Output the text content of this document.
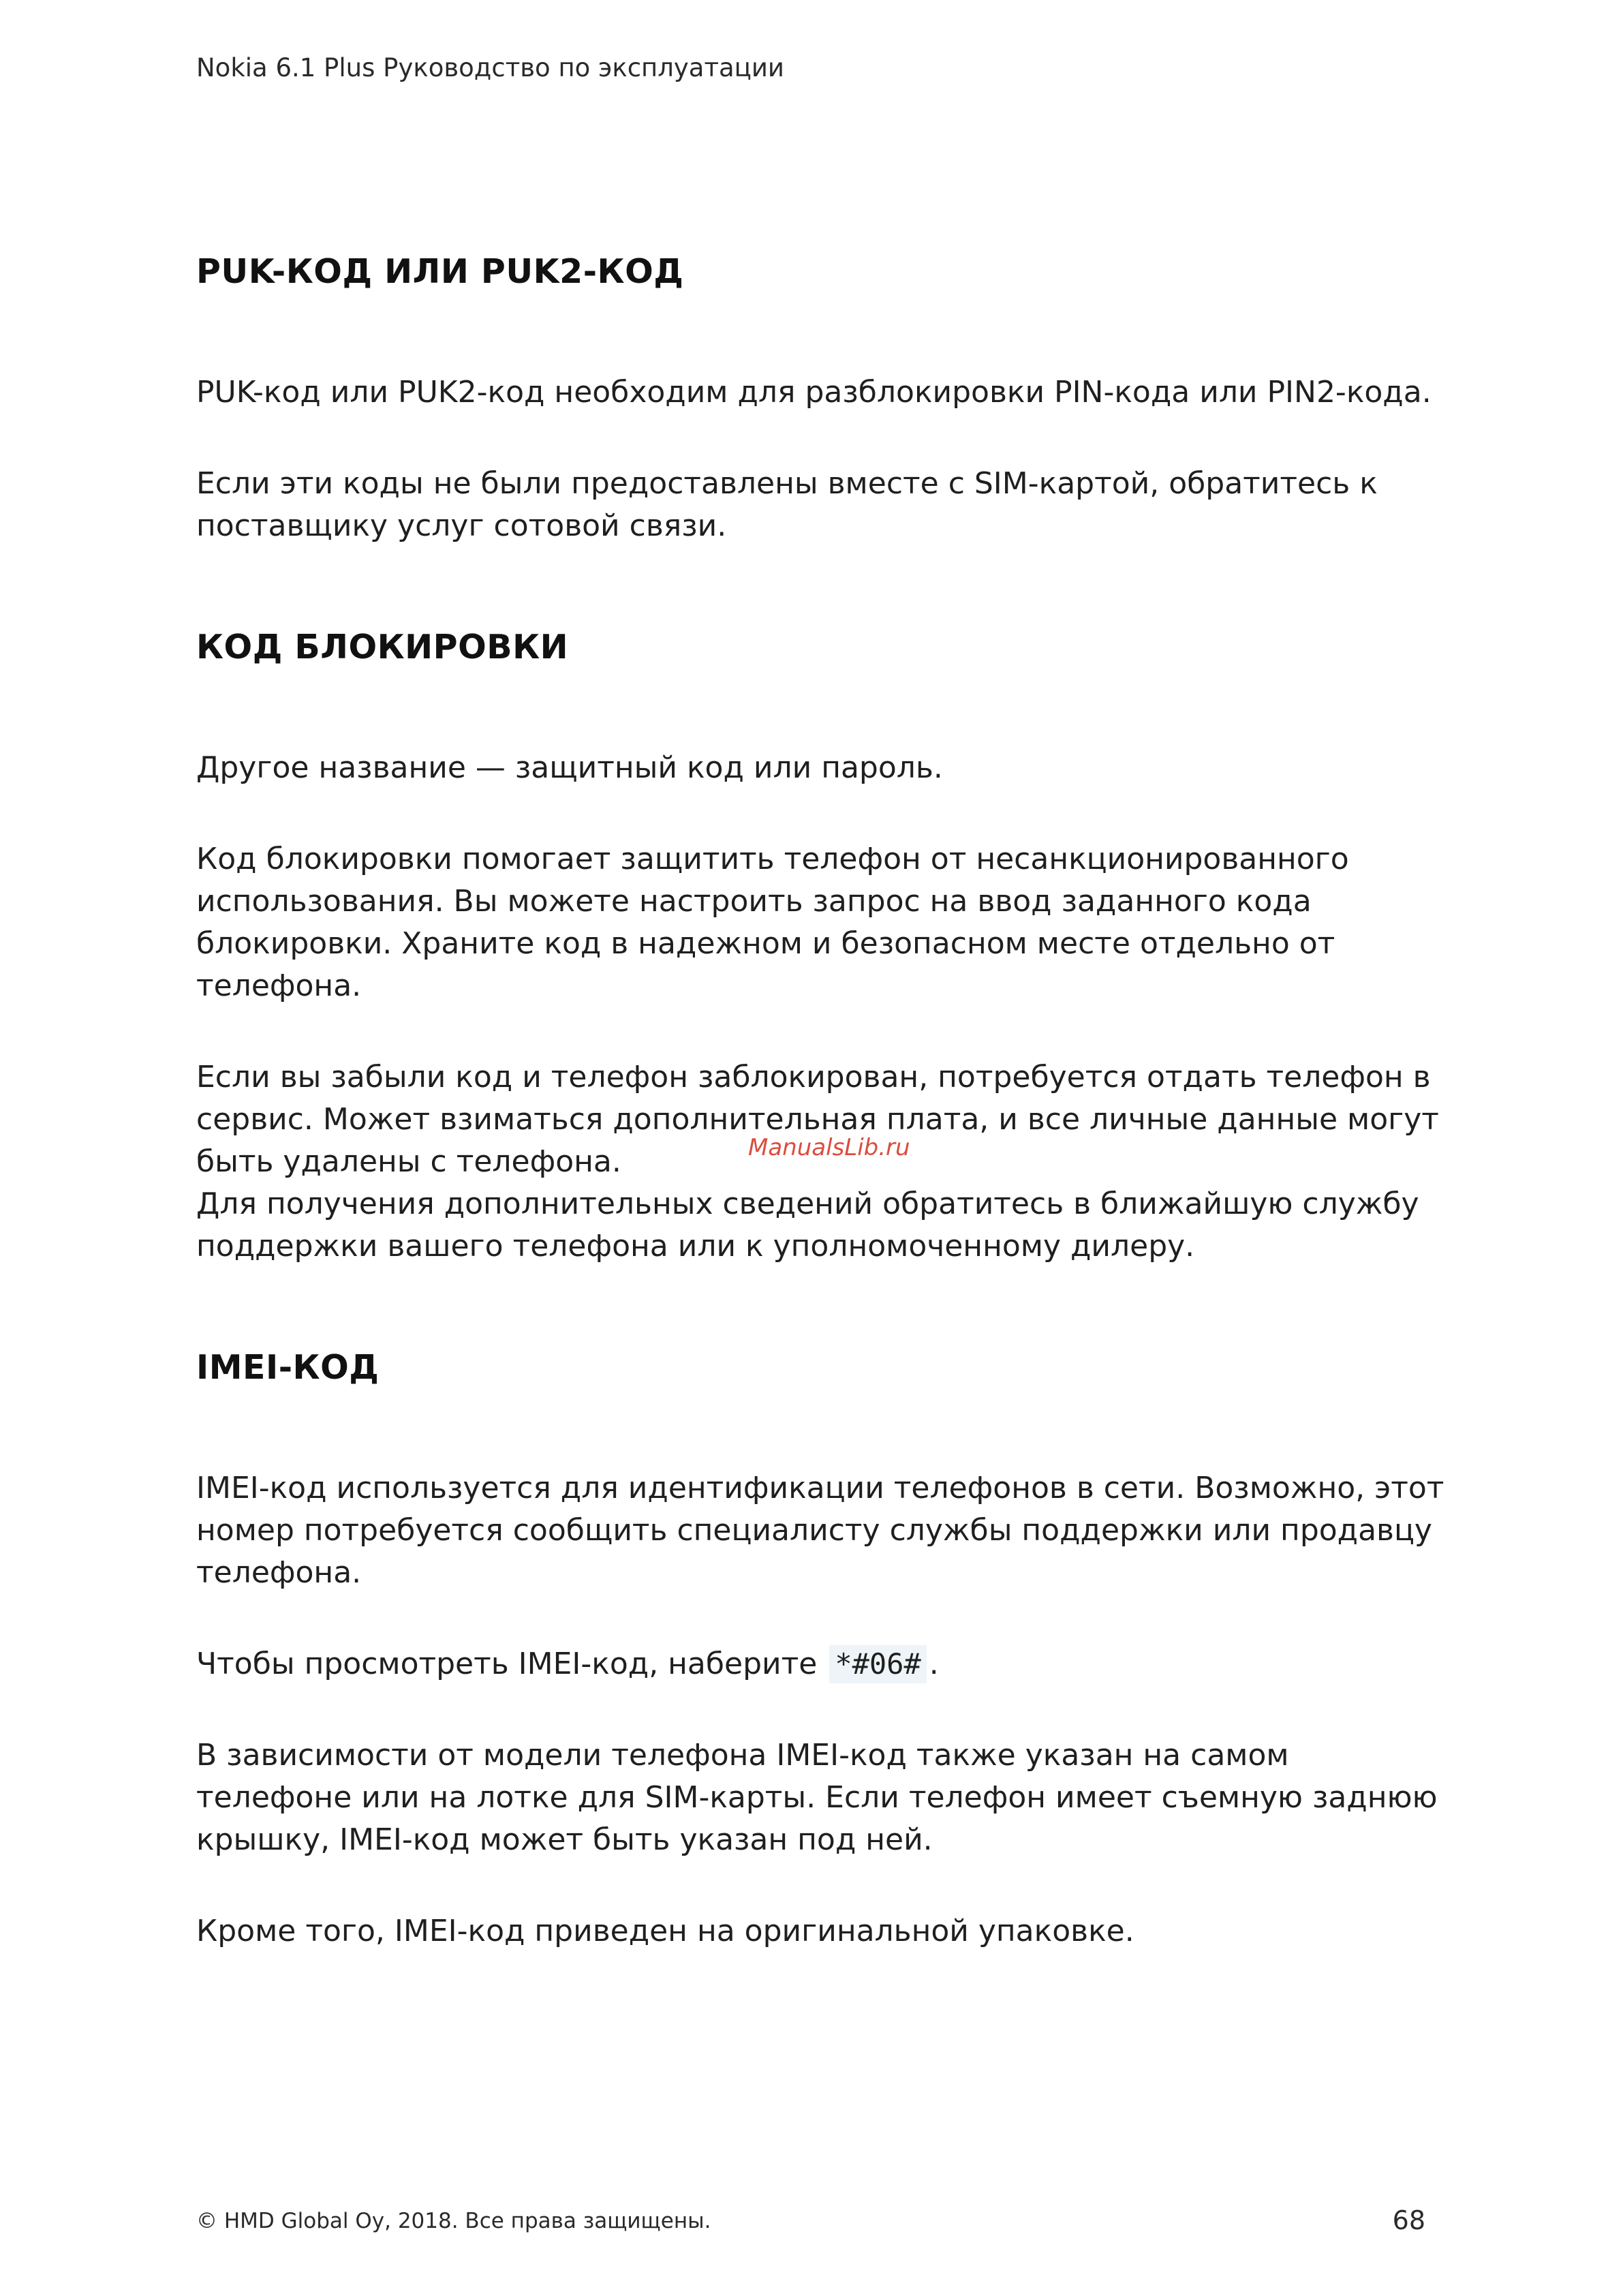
Nokia 6.1 Plus Руководство по эксплуатации
PUK-КОД ИЛИ PUK2-КОД

PUK-код или PUK2-код необходим для разблокировки PIN-кода или PIN2-кода.

Если эти коды не были предоставлены вместе с SIM-картой, обратитесь к поставщику услуг сотовой связи.

КОД БЛОКИРОВКИ

Другое название — защитный код или пароль.

Код блокировки помогает защитить телефон от несанкционированного использования. Вы можете настроить запрос на ввод заданного кода блокировки. Храните код в надежном и безопасном месте отдельно от телефона.

Если вы забыли код и телефон заблокирован, потребуется отдать телефон в сервис. Может взиматься дополнительная плата, и все личные данные могут быть удалены с телефона.

Для получения дополнительных сведений обратитесь в ближайшую службу поддержки вашего телефона или к уполномоченному дилеру.

IMEI-КОД

IMEI-код используется для идентификации телефонов в сети. Возможно, этот номер потребуется сообщить специалисту службы поддержки или продавцу телефона.

Чтобы просмотреть IMEI-код, наберите *#06# .

В зависимости от модели телефона IMEI-код также указан на самом телефоне или на лотке для SIM-карты. Если телефон имеет съемную заднюю крышку, IMEI-код может быть указан под ней.

Кроме того, IMEI-код приведен на оригинальной упаковке.

ManualsLib.ru
© HMD Global Oy, 2018. Все права защищены.	68
